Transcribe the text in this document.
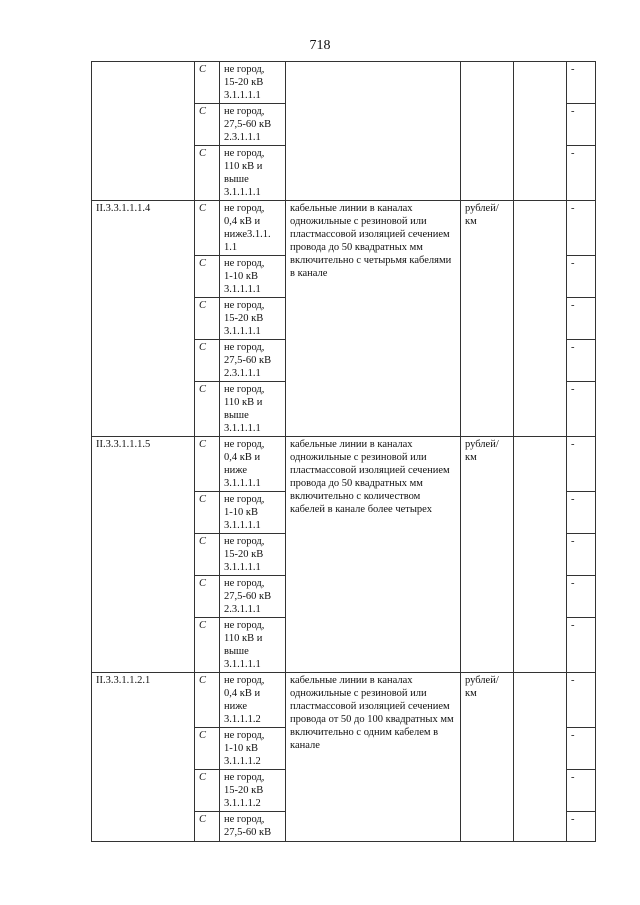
718
	С	не город,
15-20 кВ
3.1.1.1.1				-
	С	не город,
27,5-60 кВ
2.3.1.1.1				-
	С	не город,
110 кВ и
выше
3.1.1.1.1				-
II.3.3.1.1.1.4	С	не город,
0,4 кВ и
ниже3.1.1.
1.1	кабельные линии в каналах одножильные с резиновой или пластмассовой изоляцией сечением провода до 50 квадратных мм включительно с четырьмя кабелями в канале	рублей/
км		-
	С	не город,
1-10 кВ
3.1.1.1.1				-
	С	не город,
15-20 кВ
3.1.1.1.1				-
	С	не город,
27,5-60 кВ
2.3.1.1.1				-
	С	не город,
110 кВ и
выше
3.1.1.1.1				-
II.3.3.1.1.1.5	С	не город,
0,4 кВ и
ниже
3.1.1.1.1	кабельные линии в каналах одножильные с резиновой или пластмассовой изоляцией сечением провода до 50 квадратных мм включительно с количеством кабелей в канале более четырех	рублей/
км		-
	С	не город,
1-10 кВ
3.1.1.1.1				-
	С	не город,
15-20 кВ
3.1.1.1.1				-
	С	не город,
27,5-60 кВ
2.3.1.1.1				-
	С	не город,
110 кВ и
выше
3.1.1.1.1				-
II.3.3.1.1.2.1	С	не город,
0,4 кВ и
ниже
3.1.1.1.2	кабельные линии в каналах одножильные с резиновой или пластмассовой изоляцией сечением провода от 50 до 100 квадратных мм включительно с одним кабелем в канале	рублей/
км		-
	С	не город,
1-10 кВ
3.1.1.1.2				-
	С	не город,
15-20 кВ
3.1.1.1.2				-
	С	не город,
27,5-60 кВ				-
